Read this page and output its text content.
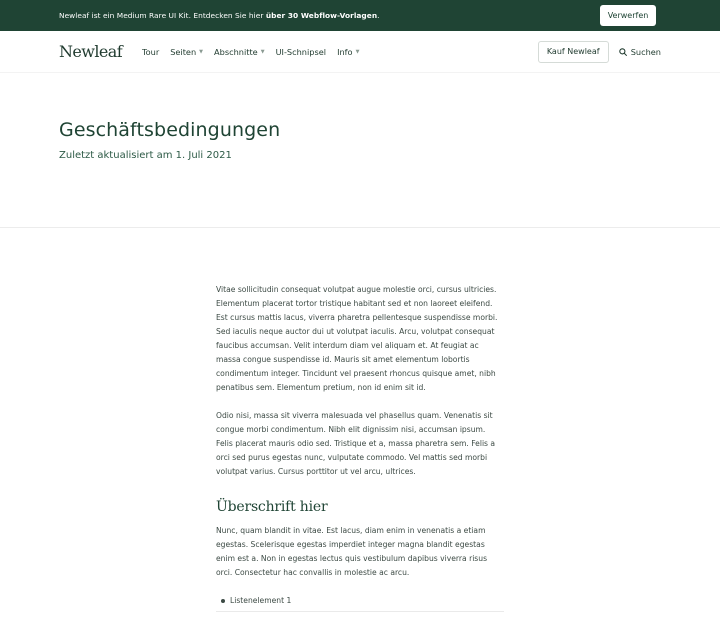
Newleaf ist ein Medium Rare UI Kit. Entdecken Sie hier über 30 Webflow-Vorlagen.	Verwerfen
Newleaf Tour Seiten ▼ Abschnitte ▼ UI-Schnipsel Info ▼	Kauf Newleaf	Suchen
Geschäftsbedingungen
Zuletzt aktualisiert am 1. Juli 2021

Vitae sollicitudin consequat volutpat augue molestie orci, cursus ultricies. Elementum placerat tortor tristique habitant sed et non laoreet eleifend. Est cursus mattis lacus, viverra pharetra pellentesque suspendisse morbi. Sed iaculis neque auctor dui ut volutpat iaculis. Arcu, volutpat consequat faucibus accumsan. Velit interdum diam vel aliquam et. At feugiat ac massa congue suspendisse id. Mauris sit amet elementum lobortis condimentum integer. Tincidunt vel praesent rhoncus quisque amet, nibh penatibus sem. Elementum pretium, non id enim sit id.

Odio nisi, massa sit viverra malesuada vel phasellus quam. Venenatis sit congue morbi condimentum. Nibh elit dignissim nisi, accumsan ipsum. Felis placerat mauris odio sed. Tristique et a, massa pharetra sem. Felis a orci sed purus egestas nunc, vulputate commodo. Vel mattis sed morbi volutpat varius. Cursus porttitor ut vel arcu, ultrices.

Überschrift hier

Nunc, quam blandit in vitae. Est lacus, diam enim in venenatis a etiam egestas. Scelerisque egestas imperdiet integer magna blandit egestas enim est a. Non in egestas lectus quis vestibulum dapibus viverra risus orci. Consectetur hac convallis in molestie ac arcu.

Listenelement 1
